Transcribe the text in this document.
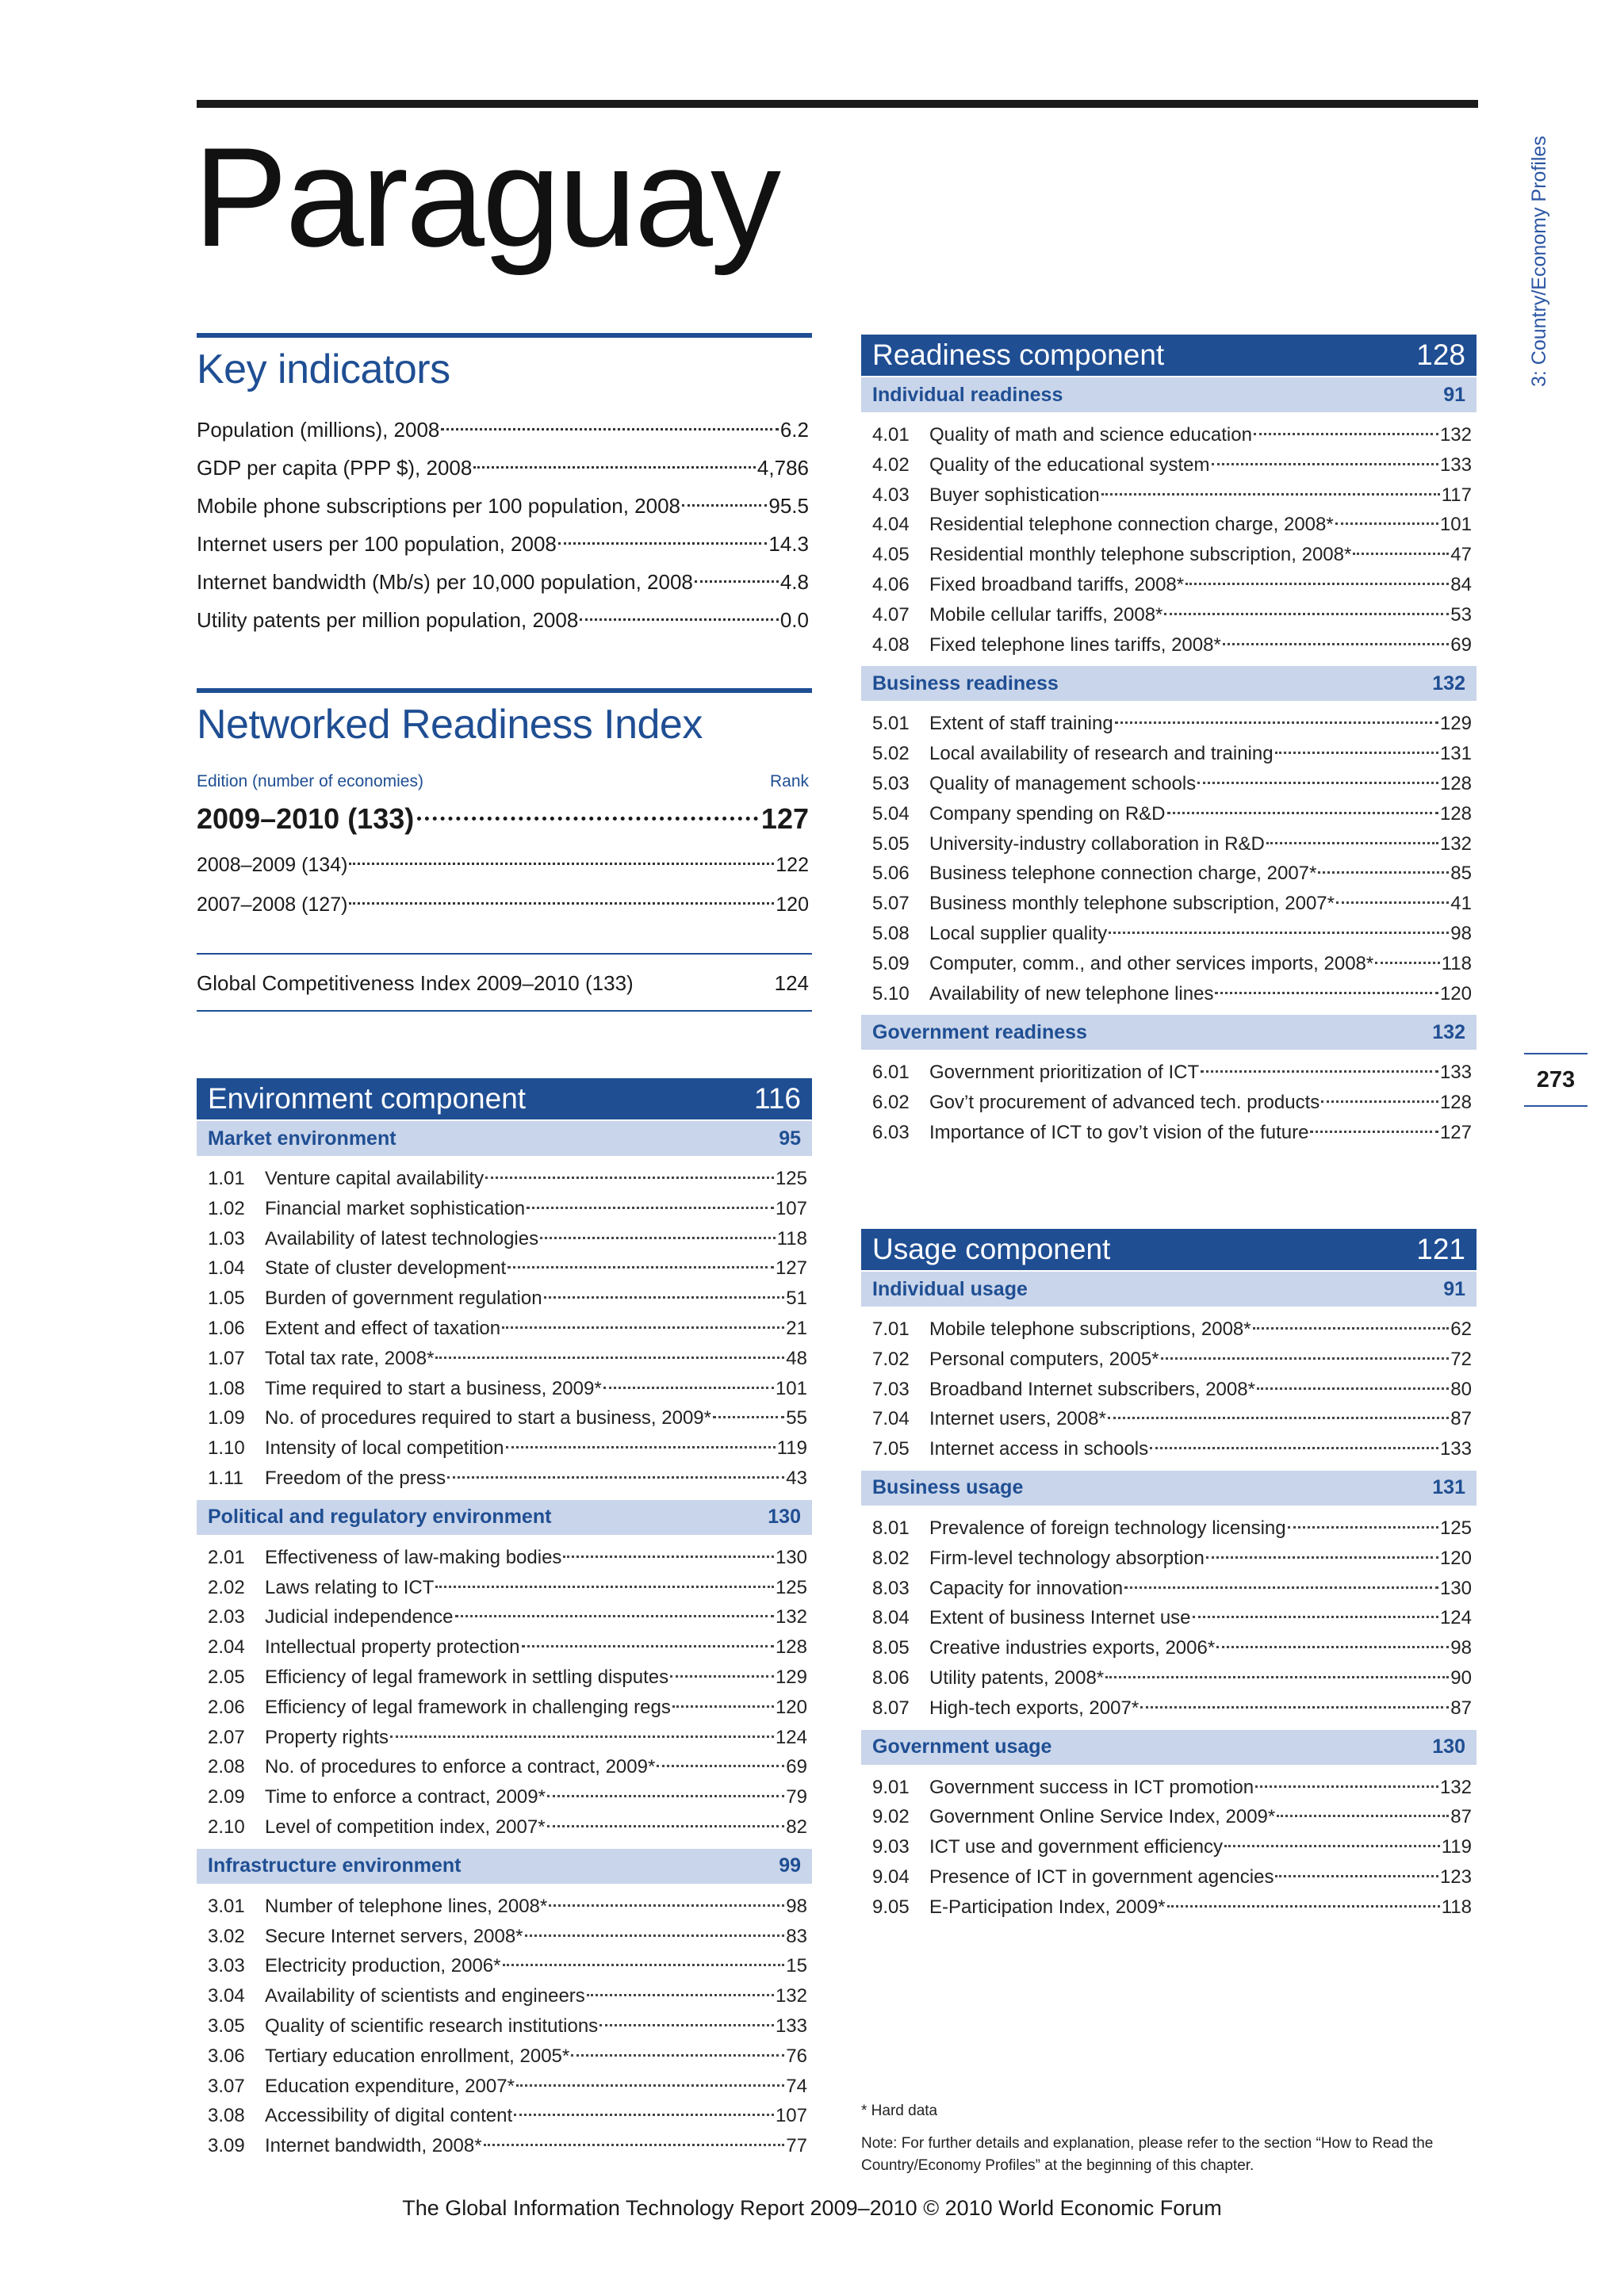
Paraguay	3: Country/Economy Profiles
273
Key indicators
Population (millions), 2008	6.2
GDP per capita (PPP $), 2008	4,786
Mobile phone subscriptions per 100 population, 2008	95.5
Internet users per 100 population, 2008	14.3
Internet bandwidth (Mb/s) per 10,000 population, 2008	4.8
Utility patents per million population, 2008	0.0
Networked Readiness Index
Edition (number of economies)	Rank
2009–2010 (133)	127
2008–2009 (134)	122
2007–2008 (127)	120
Global Competitiveness Index 2009–2010 (133)	124
Environment component	116
Market environment	95
1.01	Venture capital availability	125
1.02	Financial market sophistication	107
1.03	Availability of latest technologies	118
1.04	State of cluster development	127
1.05	Burden of government regulation	51
1.06	Extent and effect of taxation	21
1.07	Total tax rate, 2008*	48
1.08	Time required to start a business, 2009*	101
1.09	No. of procedures required to start a business, 2009*	55
1.10	Intensity of local competition	119
1.11	Freedom of the press	43
Political and regulatory environment	130
2.01	Effectiveness of law-making bodies	130
2.02	Laws relating to ICT	125
2.03	Judicial independence	132
2.04	Intellectual property protection	128
2.05	Efficiency of legal framework in settling disputes	129
2.06	Efficiency of legal framework in challenging regs	120
2.07	Property rights	124
2.08	No. of procedures to enforce a contract, 2009*	69
2.09	Time to enforce a contract, 2009*	79
2.10	Level of competition index, 2007*	82
Infrastructure environment	99
3.01	Number of telephone lines, 2008*	98
3.02	Secure Internet servers, 2008*	83
3.03	Electricity production, 2006*	15
3.04	Availability of scientists and engineers	132
3.05	Quality of scientific research institutions	133
3.06	Tertiary education enrollment, 2005*	76
3.07	Education expenditure, 2007*	74
3.08	Accessibility of digital content	107
3.09	Internet bandwidth, 2008*	77
Readiness component	128
Individual readiness	91
4.01	Quality of math and science education	132
4.02	Quality of the educational system	133
4.03	Buyer sophistication	117
4.04	Residential telephone connection charge, 2008*	101
4.05	Residential monthly telephone subscription, 2008*	47
4.06	Fixed broadband tariffs, 2008*	84
4.07	Mobile cellular tariffs, 2008*	53
4.08	Fixed telephone lines tariffs, 2008*	69
Business readiness	132
5.01	Extent of staff training	129
5.02	Local availability of research and training	131
5.03	Quality of management schools	128
5.04	Company spending on R&D	128
5.05	University-industry collaboration in R&D	132
5.06	Business telephone connection charge, 2007*	85
5.07	Business monthly telephone subscription, 2007*	41
5.08	Local supplier quality	98
5.09	Computer, comm., and other services imports, 2008*	118
5.10	Availability of new telephone lines	120
Government readiness	132
6.01	Government prioritization of ICT	133
6.02	Gov’t procurement of advanced tech. products	128
6.03	Importance of ICT to gov’t vision of the future	127
Usage component	121
Individual usage	91
7.01	Mobile telephone subscriptions, 2008*	62
7.02	Personal computers, 2005*	72
7.03	Broadband Internet subscribers, 2008*	80
7.04	Internet users, 2008*	87
7.05	Internet access in schools	133
Business usage	131
8.01	Prevalence of foreign technology licensing	125
8.02	Firm-level technology absorption	120
8.03	Capacity for innovation	130
8.04	Extent of business Internet use	124
8.05	Creative industries exports, 2006*	98
8.06	Utility patents, 2008*	90
8.07	High-tech exports, 2007*	87
Government usage	130
9.01	Government success in ICT promotion	132
9.02	Government Online Service Index, 2009*	87
9.03	ICT use and government efficiency	119
9.04	Presence of ICT in government agencies	123
9.05	E-Participation Index, 2009*	118
* Hard data
Note: For further details and explanation, please refer to the section “How to Read the Country/Economy Profiles” at the beginning of this chapter.
The Global Information Technology Report 2009–2010 © 2010 World Economic Forum
